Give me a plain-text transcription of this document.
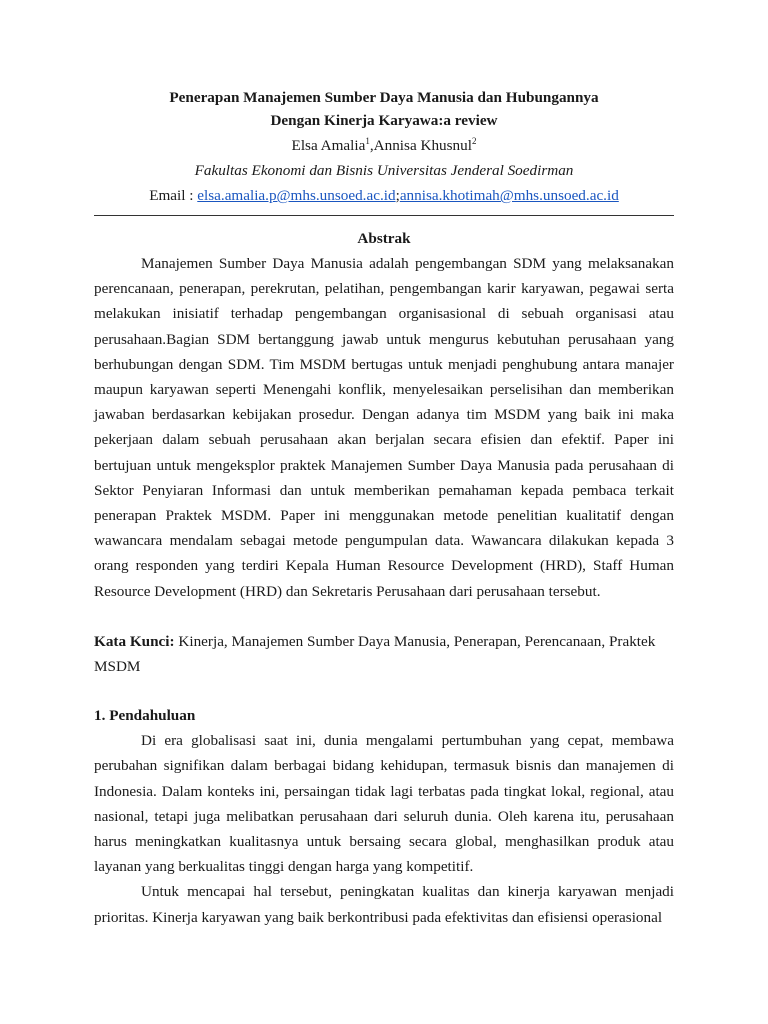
Penerapan Manajemen Sumber Daya Manusia dan Hubungannya
Dengan Kinerja Karyawa:a review
Elsa Amalia$^1$,Annisa Khusnul$^2$
Fakultas Ekonomi dan Bisnis Universitas Jenderal Soedirman
Email : elsa.amalia.p@mhs.unsoed.ac.id;annisa.khotimah@mhs.unsoed.ac.id
Abstrak

Manajemen Sumber Daya Manusia adalah pengembangan SDM yang melaksanakan perencanaan, penerapan, perekrutan, pelatihan, pengembangan karir karyawan, pegawai serta melakukan inisiatif terhadap pengembangan organisasional di sebuah organisasi atau perusahaan.Bagian SDM bertanggung jawab untuk mengurus kebutuhan perusahaan yang berhubungan dengan SDM. Tim MSDM bertugas untuk menjadi penghubung antara manajer maupun karyawan seperti Menengahi konflik, menyelesaikan perselisihan dan memberikan jawaban berdasarkan kebijakan prosedur. Dengan adanya tim MSDM yang baik ini maka pekerjaan dalam sebuah perusahaan akan berjalan secara efisien dan efektif. Paper ini bertujuan untuk mengeksplor praktek Manajemen Sumber Daya Manusia pada perusahaan di Sektor Penyiaran Informasi dan untuk memberikan pemahaman kepada pembaca terkait penerapan Praktek MSDM. Paper ini menggunakan metode penelitian kualitatif dengan wawancara mendalam sebagai metode pengumpulan data. Wawancara dilakukan kepada 3 orang responden yang terdiri Kepala Human Resource Development (HRD), Staff Human Resource Development (HRD) dan Sekretaris Perusahaan dari perusahaan tersebut.

Kata Kunci: Kinerja, Manajemen Sumber Daya Manusia, Penerapan, Perencanaan, Praktek MSDM
1. Pendahuluan

Di era globalisasi saat ini, dunia mengalami pertumbuhan yang cepat, membawa perubahan signifikan dalam berbagai bidang kehidupan, termasuk bisnis dan manajemen di Indonesia. Dalam konteks ini, persaingan tidak lagi terbatas pada tingkat lokal, regional, atau nasional, tetapi juga melibatkan perusahaan dari seluruh dunia. Oleh karena itu, perusahaan harus meningkatkan kualitasnya untuk bersaing secara global, menghasilkan produk atau layanan yang berkualitas tinggi dengan harga yang kompetitif.

Untuk mencapai hal tersebut, peningkatan kualitas dan kinerja karyawan menjadi prioritas. Kinerja karyawan yang baik berkontribusi pada efektivitas dan efisiensi operasional
